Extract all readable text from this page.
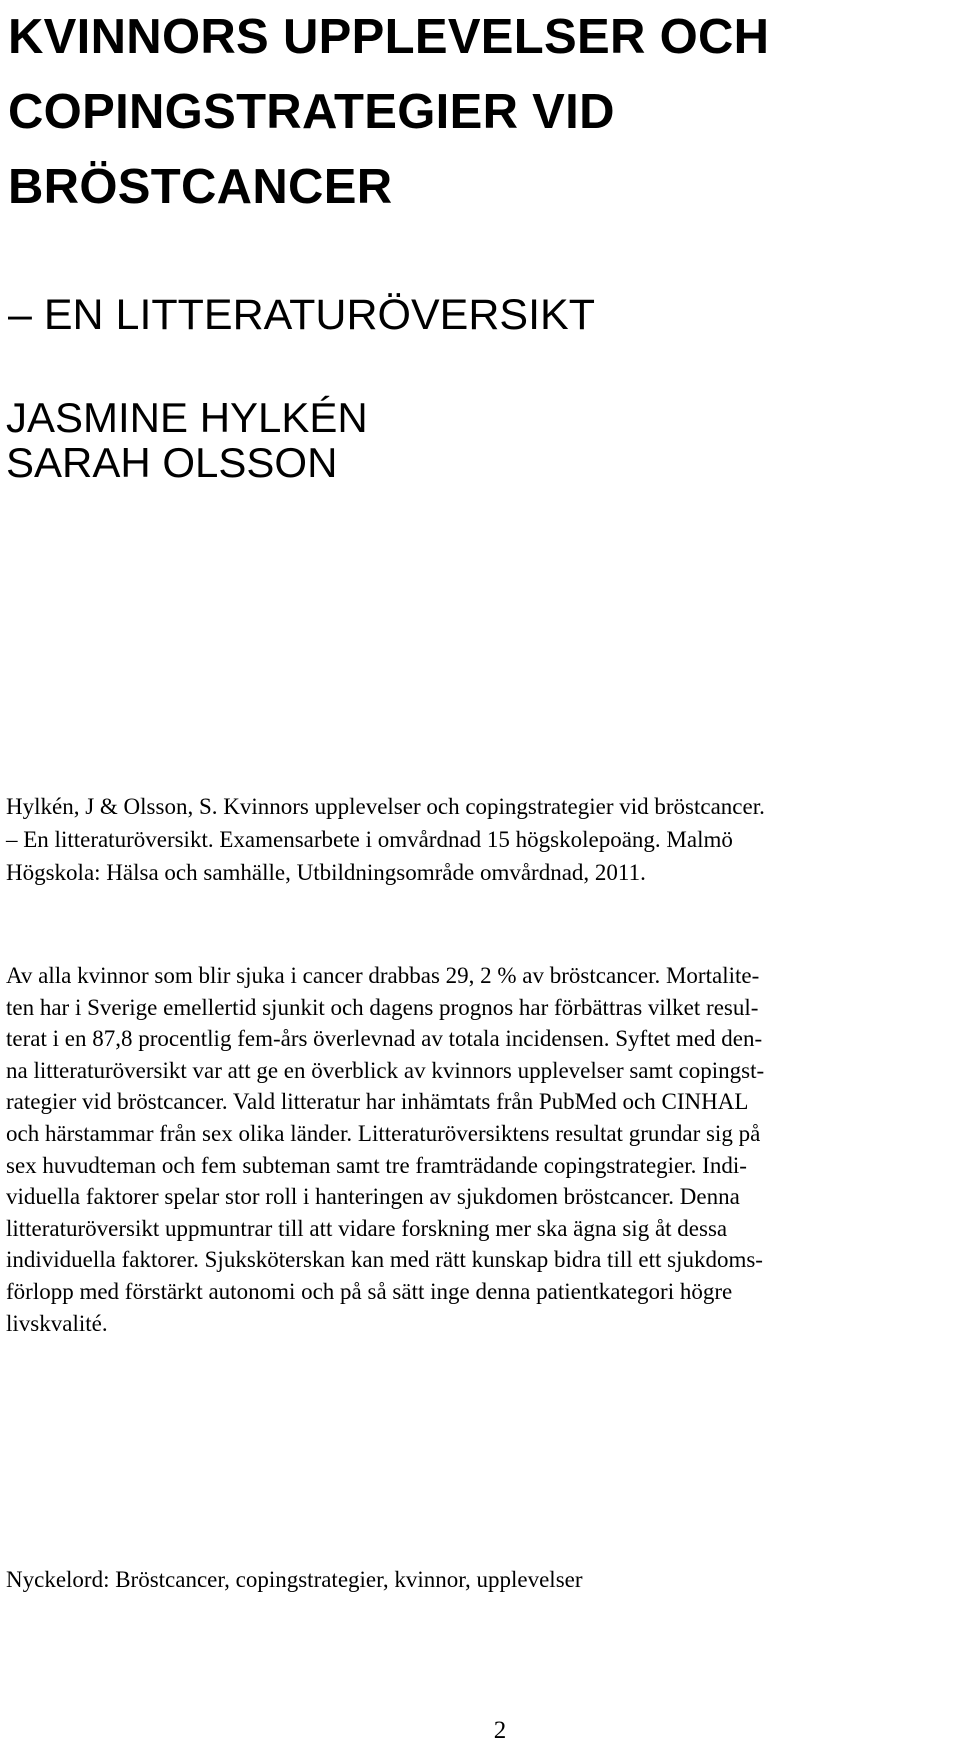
KVINNORS UPPLEVELSER OCH
COPINGSTRATEGIER VID
BRÖSTCANCER
– EN LITTERATURÖVERSIKT
JASMINE HYLKÉN
SARAH OLSSON
Hylkén, J & Olsson, S. Kvinnors upplevelser och copingstrategier vid bröstcancer.
– En litteraturöversikt. Examensarbete i omvårdnad 15 högskolepoäng. Malmö
Högskola: Hälsa och samhälle, Utbildningsområde omvårdnad, 2011.
Av alla kvinnor som blir sjuka i cancer drabbas 29, 2 % av bröstcancer. Mortalite-
ten har i Sverige emellertid sjunkit och dagens prognos har förbättras vilket resul-
terat i en 87,8 procentlig fem-års överlevnad av totala incidensen. Syftet med den-
na litteraturöversikt var att ge en överblick av kvinnors upplevelser samt copingst-
rategier vid bröstcancer. Vald litteratur har inhämtats från PubMed och CINHAL
och härstammar från sex olika länder. Litteraturöversiktens resultat grundar sig på
sex huvudteman och fem subteman samt tre framträdande copingstrategier. Indi-
viduella faktorer spelar stor roll i hanteringen av sjukdomen bröstcancer. Denna
litteraturöversikt uppmuntrar till att vidare forskning mer ska ägna sig åt dessa
individuella faktorer. Sjuksköterskan kan med rätt kunskap bidra till ett sjukdoms-
förlopp med förstärkt autonomi och på så sätt inge denna patientkategori högre
livskvalité.
Nyckelord: Bröstcancer, copingstrategier, kvinnor, upplevelser
2
